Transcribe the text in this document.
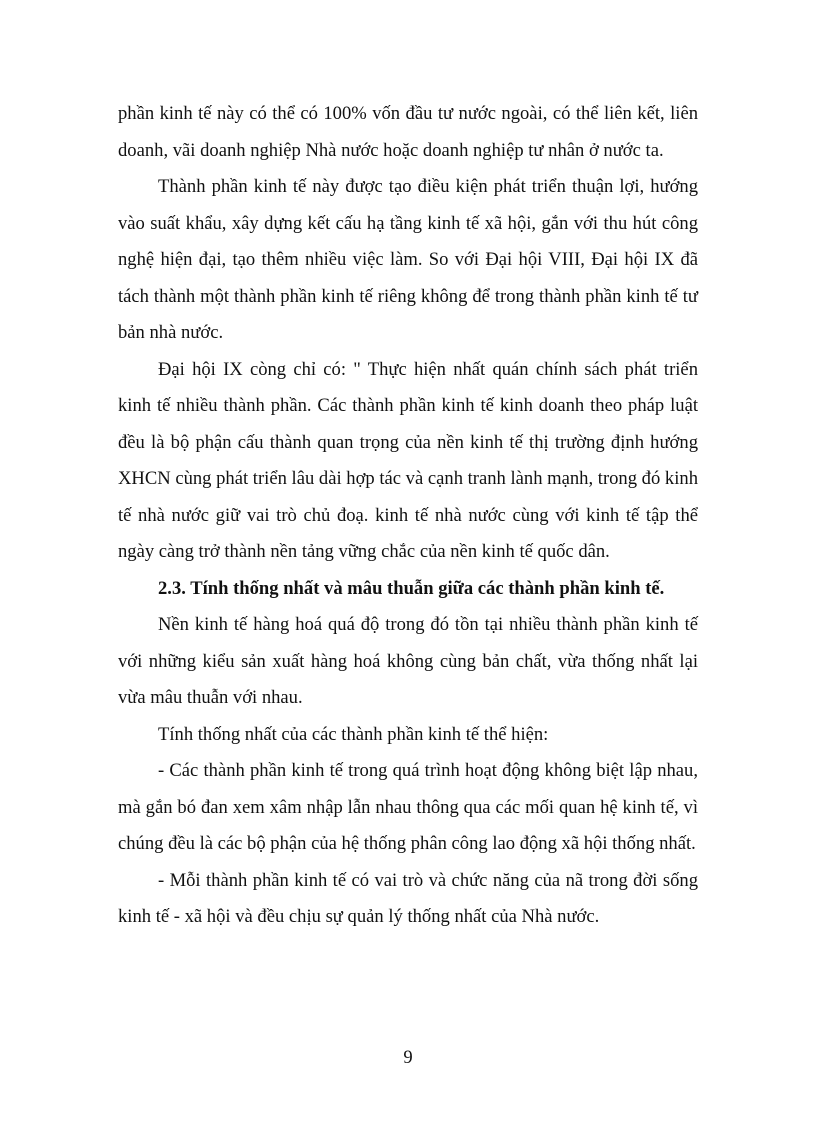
phần kinh tế này có thể có 100% vốn đầu tư nước ngoài, có thể liên kết, liên doanh, vãi doanh nghiệp Nhà nước hoặc doanh nghiệp tư nhân ở nước ta.

Thành phần kinh tế này được tạo điều kiện phát triển thuận lợi, hướng vào suất khẩu, xây dựng kết cấu hạ tầng kinh tế xã hội, gắn với thu hút công nghệ hiện đại, tạo thêm nhiều việc làm. So với Đại hội VIII, Đại hội IX đã tách thành một thành phần kinh tế riêng không để trong thành phần kinh tế tư bản nhà nước.

Đại hội IX còng chỉ có: " Thực hiện nhất quán chính sách phát triển kinh tế nhiều thành phần. Các thành phần kinh tế kinh doanh theo pháp luật đều là bộ phận cấu thành quan trọng của nền kinh tế thị trường định hướng XHCN cùng phát triển lâu dài hợp tác và cạnh tranh lành mạnh, trong đó kinh tế nhà nước giữ vai trò chủ đoạ. kinh tế nhà nước cùng với kinh tế tập thể ngày càng trở thành nền tảng vững chắc của nền kinh tế quốc dân.

2.3. Tính thống nhất và mâu thuẫn giữa các thành phần kinh tế.

Nền kinh tế hàng hoá quá độ trong đó tồn tại nhiều thành phần kinh tế với những kiểu sản xuất hàng hoá không cùng bản chất, vừa thống nhất lại vừa mâu thuẫn với nhau.

Tính thống nhất của các thành phần kinh tế thể hiện:

- Các thành phần kinh tế trong quá trình hoạt động không biệt lập nhau, mà gắn bó đan xem xâm nhập lẫn nhau thông qua các mối quan hệ kinh tế, vì chúng đều là các bộ phận của hệ thống phân công lao động xã hội thống nhất.

- Mỗi thành phần kinh tế có vai trò và chức năng của nã trong đời sống kinh tế - xã hội và đều chịu sự quản lý thống nhất của Nhà nước.

9
